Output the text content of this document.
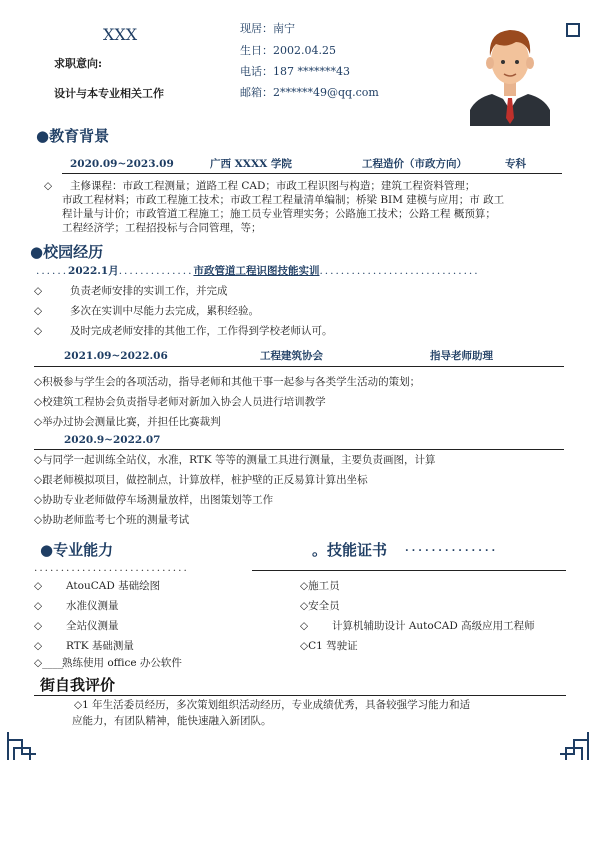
XXX
求职意向:
设计与本专业相关工作
现居：南宁
生日：2002.04.25
电话：187 *******43
邮箱：2******49@qq.com
●教育背景
2020.09~2023.09	广西 XXXX 学院	工程造价（市政方向）	专科
◇ 主修课程：市政工程测量；道路工程 CAD；市政工程识图与构造；建筑工程资料管理；
市政工程材料；市政工程施工技术；市政工程工程量清单编制；桥梁 BIM 建模与应用；市 政工
程计量与计价；市政管道工程施工；施工员专业管理实务；公路施工技术；公路工程 概预算；
工程经济学；工程招投标与合同管理，等；
●校园经历
......2022.1月..............市政管道工程识图技能实训..............................
◇	负责老师安排的实训工作，并完成
◇	多次在实训中尽能力去完成，累积经验。
◇	及时完成老师安排的其他工作，工作得到学校老师认可。
2021.09~2022.06	工程建筑协会	指导老师助理
◇积极参与学生会的各项活动，指导老师和其他干事一起参与各类学生活动的策划；
◇校建筑工程协会负责指导老师对新加入协会人员进行培训教学
◇举办过协会测量比赛，并担任比赛裁判
2020.9~2022.07
◇与同学一起训练全站仪，水准，RTK 等等的测量工具进行测量，主要负责画图，计算
◇跟老师模拟项目，做控制点，计算放样，桩护壁的正反易算计算出坐标
◇协助专业老师做停车场测量放样，出图策划等工作
◇协助老师监考七个班的测量考试
●专业能力	。技能证书 ..............
.............................
◇ AtouCAD 基础绘图
◇ 水准仪测量
◇ 全站仪测量
◇ RTK 基础测量
◇____
熟练使用 office 办公软件
◇施工员
◇安全员
◇ 计算机辅助设计 AutoCAD 高级应用工程师
◇C1 驾驶证
街自我评价
◇1 年生活委员经历，多次策划组织活动经历，专业成绩优秀，具备较强学习能力和适
应能力，有团队精神，能快速融入新团队。
